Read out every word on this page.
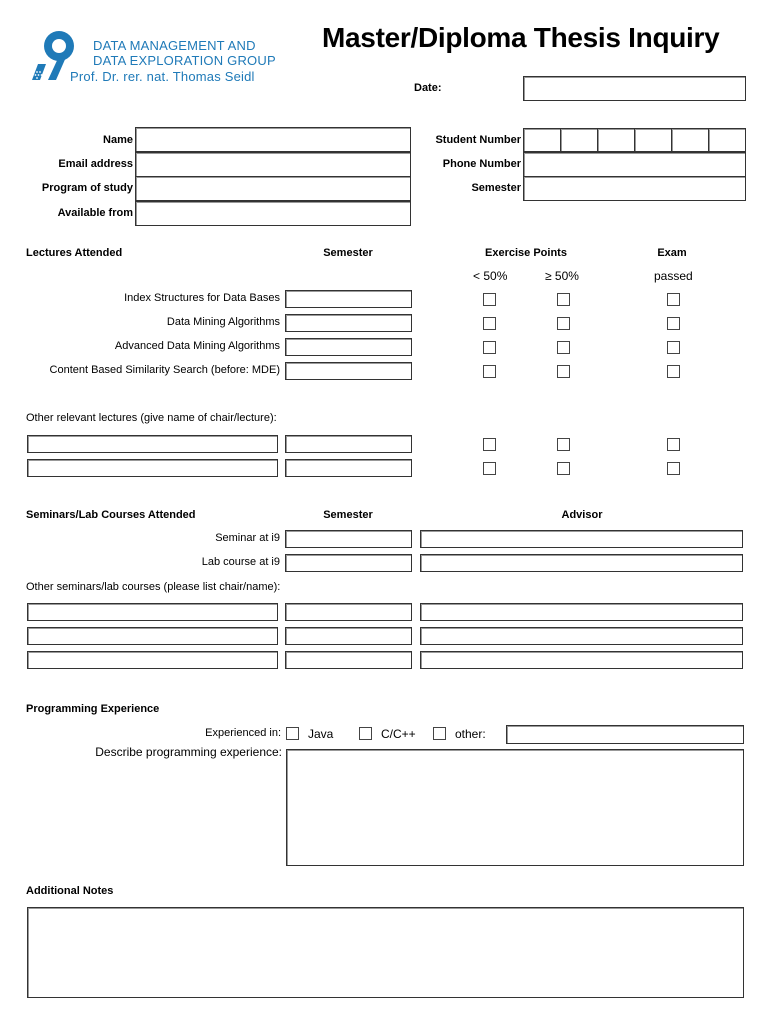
DATA MANAGEMENT AND
DATA EXPLORATION GROUP
Prof. Dr. rer. nat. Thomas Seidl
Master/Diploma Thesis Inquiry
Date:
Name
Email address
Program of study
Available from
Student Number
Phone Number
Semester
Lectures Attended	Semester	Exercise Points	Exam
< 50%	≥ 50%	passed
Index Structures for Data Bases
Data Mining Algorithms
Advanced Data Mining Algorithms
Content Based Similarity Search (before: MDE)
Other relevant lectures (give name of chair/lecture):
Seminars/Lab Courses Attended	Semester	Advisor
Seminar at i9
Lab course at i9
Other seminars/lab courses (please list chair/name):
Programming Experience
Experienced in: Java	C/C++	other:
Describe programming experience:
Additional Notes
